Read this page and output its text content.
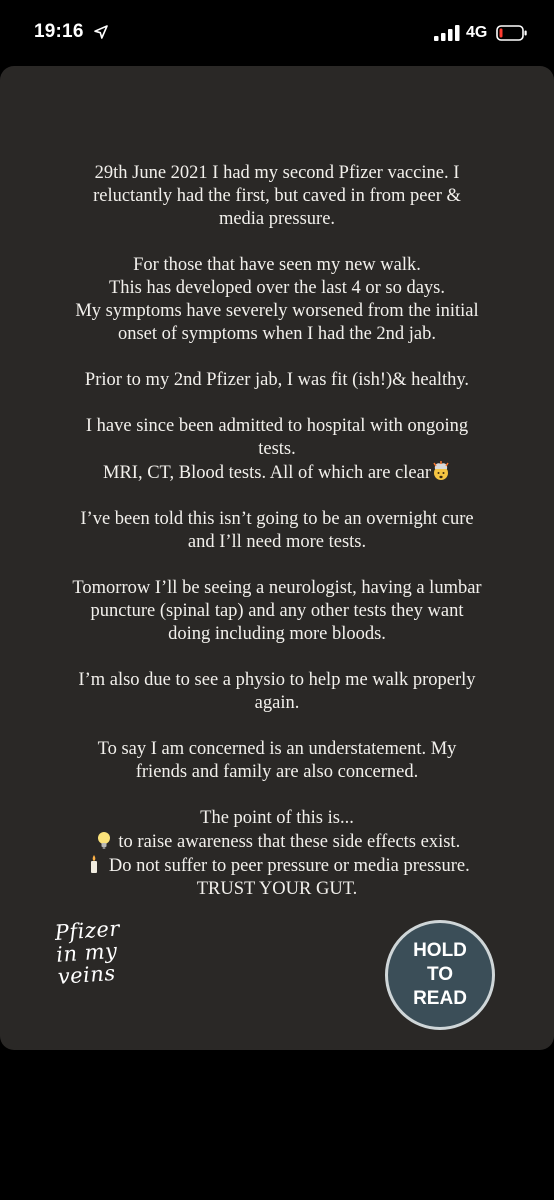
19:16	4G

29th June 2021 I had my second Pfizer vaccine. I
reluctantly had the first, but caved in from peer &
media pressure.

For those that have seen my new walk.
This has developed over the last 4 or so days.
My symptoms have severely worsened from the initial
onset of symptoms when I had the 2nd jab.

Prior to my 2nd Pfizer jab, I was fit (ish!)& healthy.

I have since been admitted to hospital with ongoing
tests.
MRI, CT, Blood tests. All of which are clear

I’ve been told this isn’t going to be an overnight cure
and I’ll need more tests.

Tomorrow I’ll be seeing a neurologist, having a lumbar
puncture (spinal tap) and any other tests they want
doing including more bloods.

I’m also due to see a physio to help me walk properly
again.

To say I am concerned is an understatement. My
friends and family are also concerned.

The point of this is...
to raise awareness that these side effects exist.
Do not suffer to peer pressure or media pressure.
TRUST YOUR GUT.

Pfizer
in my
veins
HOLD
TO
READ
